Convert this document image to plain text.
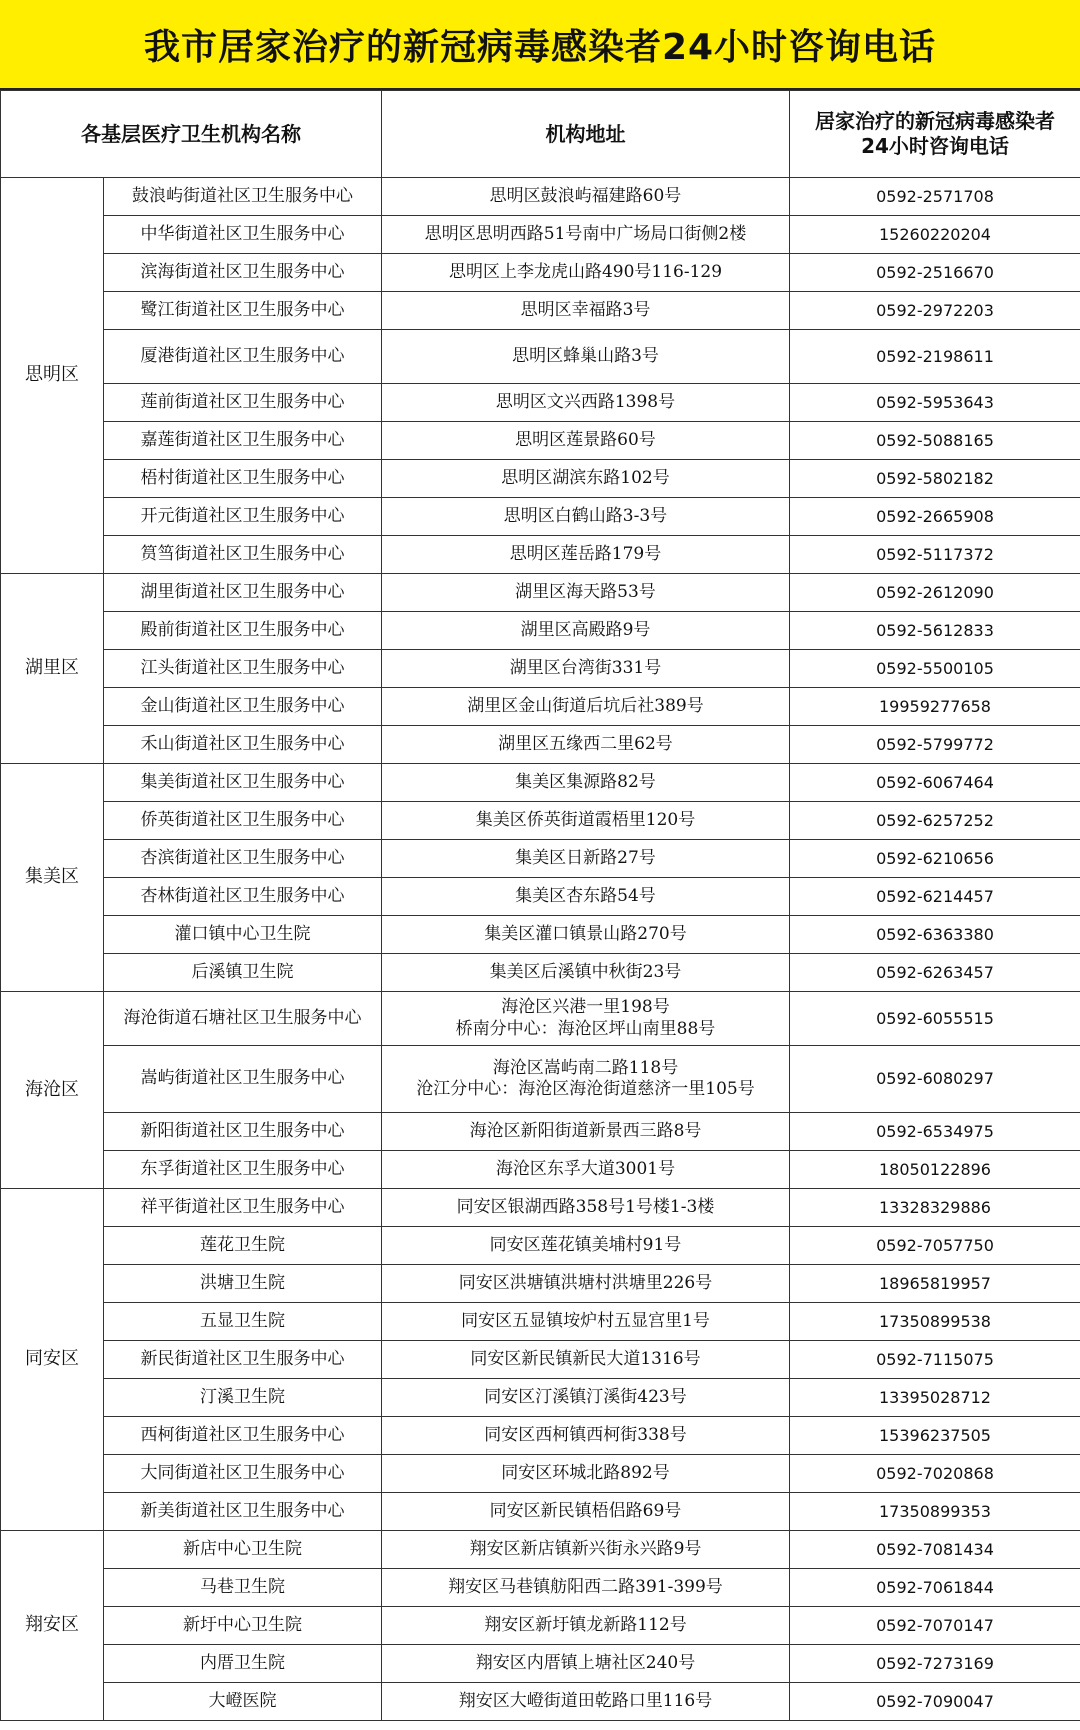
我市居家治疗的新冠病毒感染者24小时咨询电话
各基层医疗卫生机构名称		机构地址	居家治疗的新冠病毒感染者
24小时咨询电话

思明区	鼓浪屿街道社区卫生服务中心	思明区鼓浪屿福建路60号	0592-2571708
	中华街道社区卫生服务中心	思明区思明西路51号南中广场局口街侧2楼	15260220204
	滨海街道社区卫生服务中心	思明区上李龙虎山路490号116-129	0592-2516670
	鹭江街道社区卫生服务中心	思明区幸福路3号	0592-2972203
	厦港街道社区卫生服务中心	思明区蜂巢山路3号	0592-2198611
	莲前街道社区卫生服务中心	思明区文兴西路1398号	0592-5953643
	嘉莲街道社区卫生服务中心	思明区莲景路60号	0592-5088165
	梧村街道社区卫生服务中心	思明区湖滨东路102号	0592-5802182
	开元街道社区卫生服务中心	思明区白鹤山路3-3号	0592-2665908
	筼筜街道社区卫生服务中心	思明区莲岳路179号	0592-5117372
湖里区	湖里街道社区卫生服务中心	湖里区海天路53号	0592-2612090
	殿前街道社区卫生服务中心	湖里区高殿路9号	0592-5612833
	江头街道社区卫生服务中心	湖里区台湾街331号	0592-5500105
	金山街道社区卫生服务中心	湖里区金山街道后坑后社389号	19959277658
	禾山街道社区卫生服务中心	湖里区五缘西二里62号	0592-5799772
集美区	集美街道社区卫生服务中心	集美区集源路82号	0592-6067464
	侨英街道社区卫生服务中心	集美区侨英街道霞梧里120号	0592-6257252
	杏滨街道社区卫生服务中心	集美区日新路27号	0592-6210656
	杏林街道社区卫生服务中心	集美区杏东路54号	0592-6214457
	灌口镇中心卫生院	集美区灌口镇景山路270号	0592-6363380
	后溪镇卫生院	集美区后溪镇中秋街23号	0592-6263457
海沧区	海沧街道石塘社区卫生服务中心	海沧区兴港一里198号
桥南分中心：海沧区坪山南里88号	0592-6055515
	嵩屿街道社区卫生服务中心	海沧区嵩屿南二路118号
沧江分中心：海沧区海沧街道慈济一里105号	0592-6080297
	新阳街道社区卫生服务中心	海沧区新阳街道新景西三路8号	0592-6534975
	东孚街道社区卫生服务中心	海沧区东孚大道3001号	18050122896
同安区	祥平街道社区卫生服务中心	同安区银湖西路358号1号楼1-3楼	13328329886
	莲花卫生院	同安区莲花镇美埔村91号	0592-7057750
	洪塘卫生院	同安区洪塘镇洪塘村洪塘里226号	18965819957
	五显卫生院	同安区五显镇垵炉村五显宫里1号	17350899538
	新民街道社区卫生服务中心	同安区新民镇新民大道1316号	0592-7115075
	汀溪卫生院	同安区汀溪镇汀溪街423号	13395028712
	西柯街道社区卫生服务中心	同安区西柯镇西柯街338号	15396237505
	大同街道社区卫生服务中心	同安区环城北路892号	0592-7020868
	新美街道社区卫生服务中心	同安区新民镇梧侣路69号	17350899353
翔安区	新店中心卫生院	翔安区新店镇新兴街永兴路9号	0592-7081434
	马巷卫生院	翔安区马巷镇舫阳西二路391-399号	0592-7061844
	新圩中心卫生院	翔安区新圩镇龙新路112号	0592-7070147
	内厝卫生院	翔安区内厝镇上塘社区240号	0592-7273169
	大嶝医院	翔安区大嶝街道田乾路口里116号	0592-7090047
